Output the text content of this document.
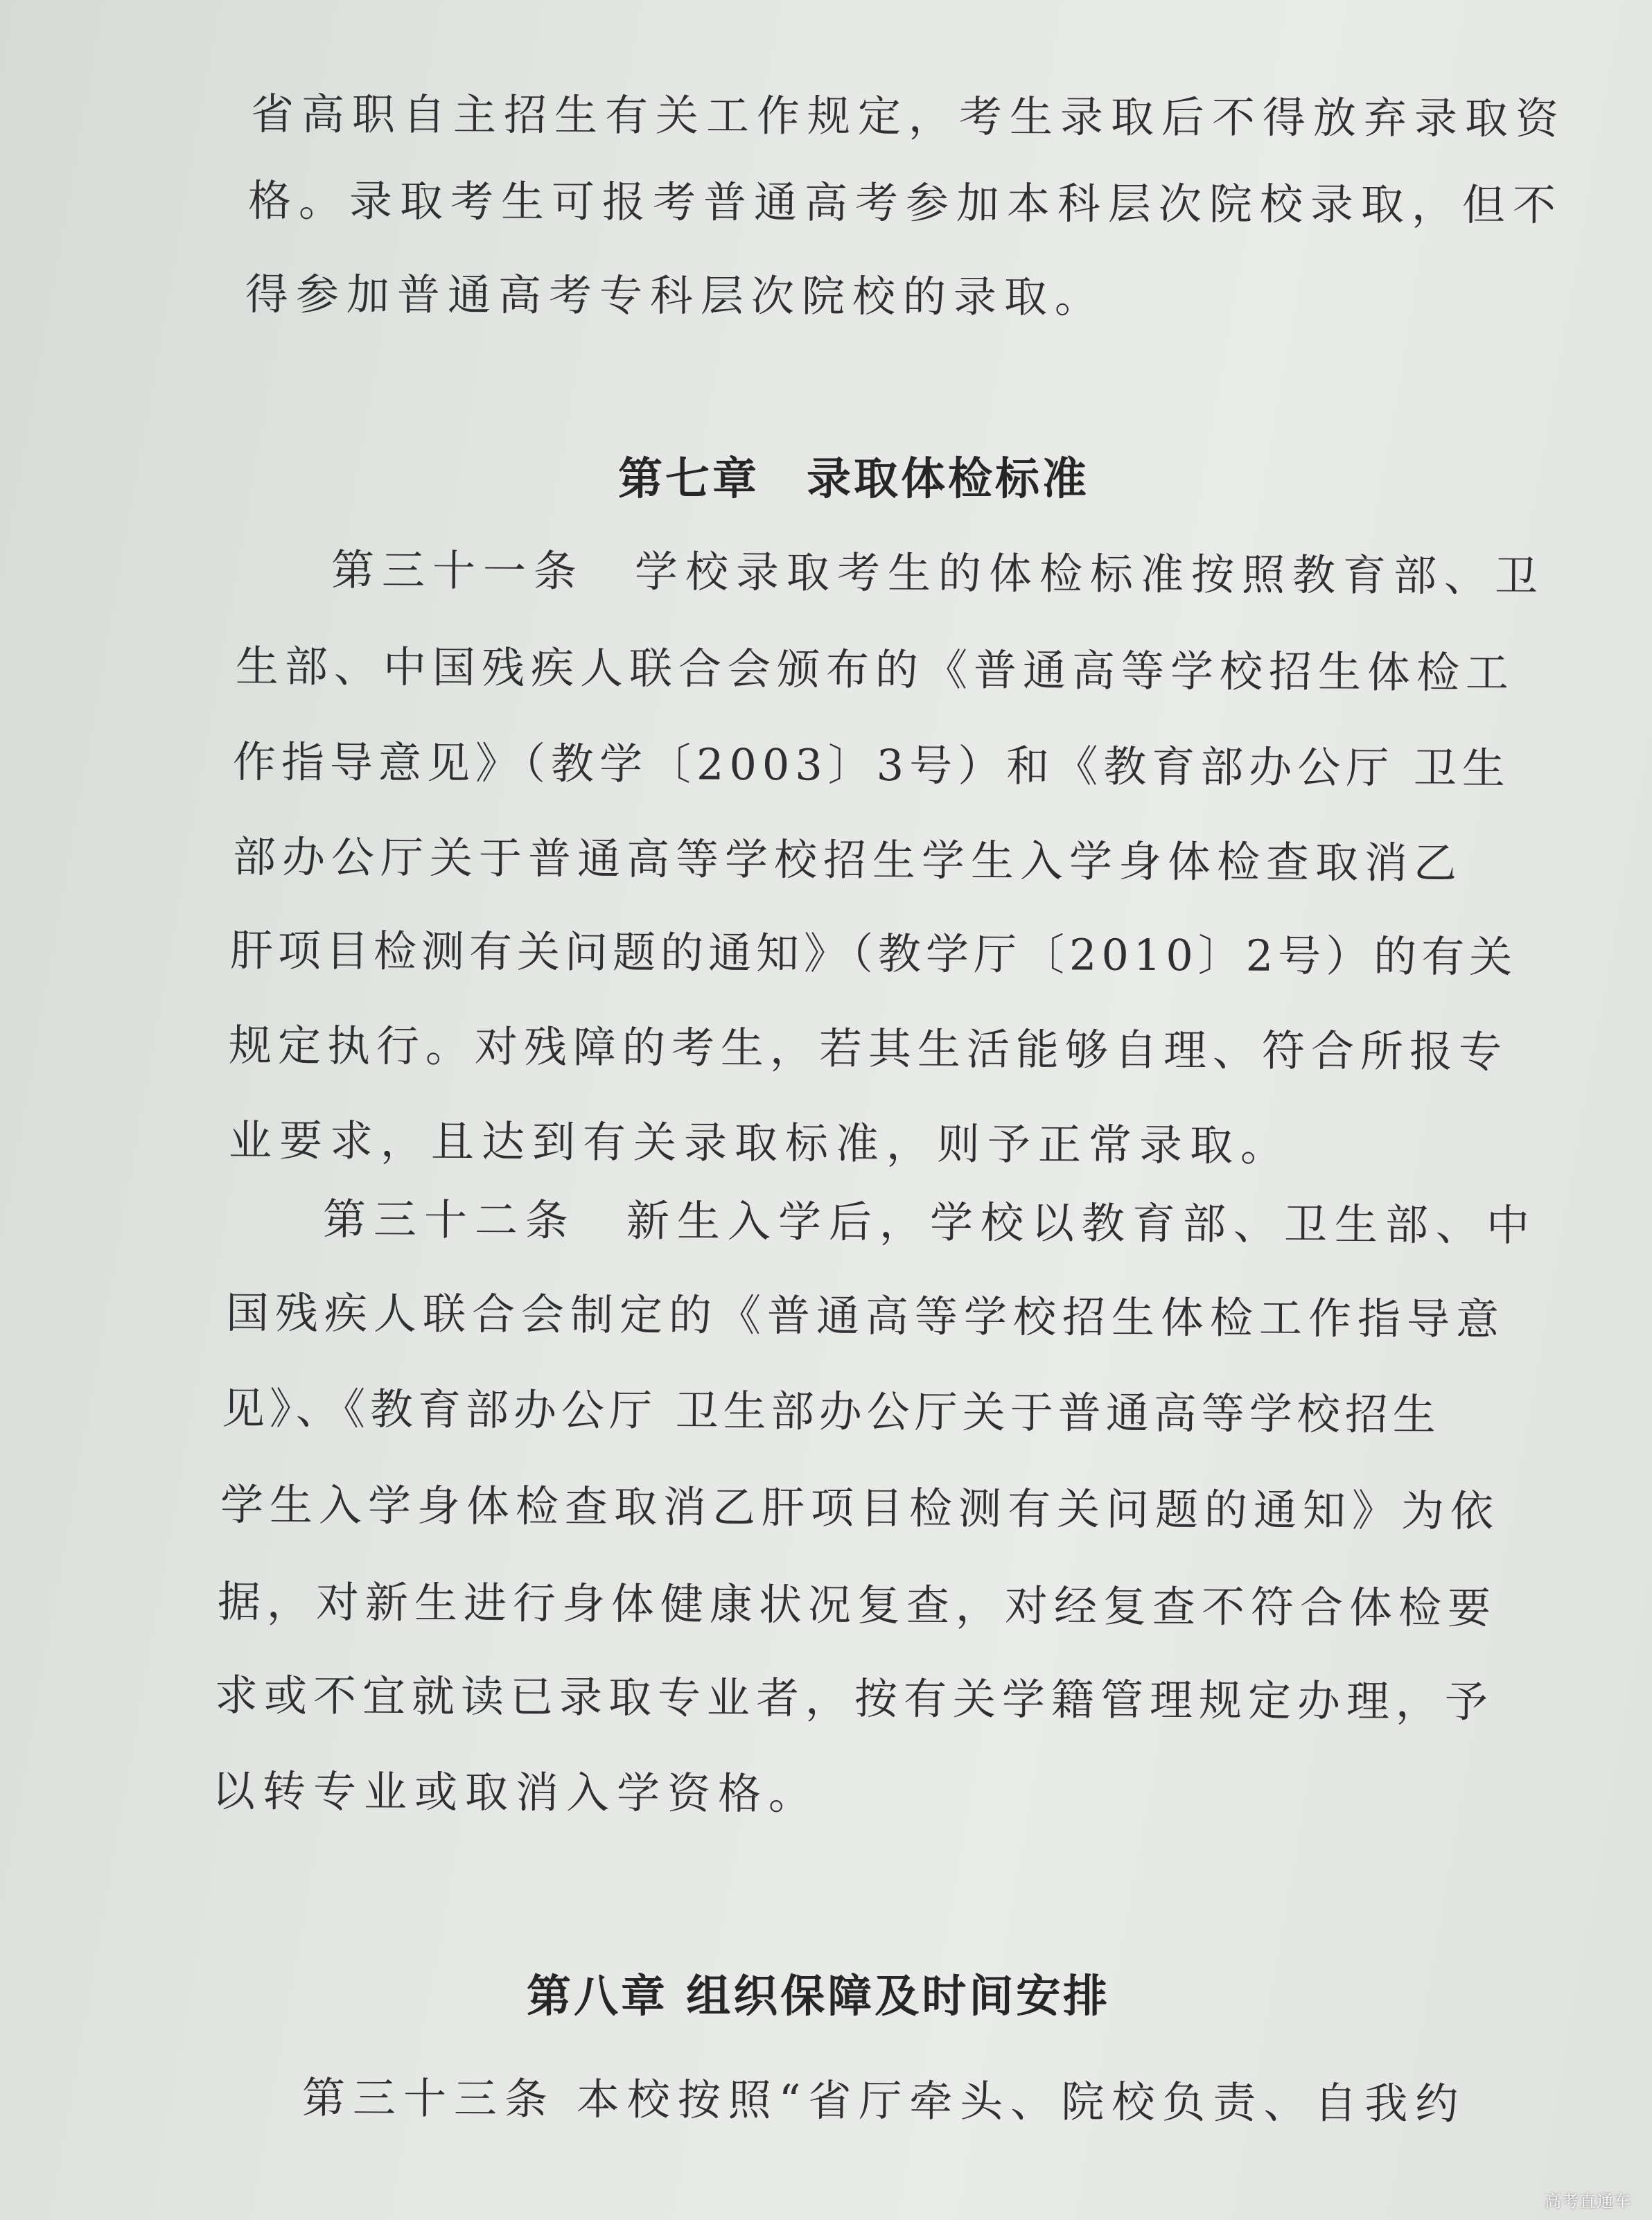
省高职自主招生有关工作规定，考生录取后不得放弃录取资
格。录取考生可报考普通高考参加本科层次院校录取，但不
得参加普通高考专科层次院校的录取。
第七章　录取体检标准
第三十一条　学校录取考生的体检标准按照教育部、卫
生部、中国残疾人联合会颁布的《普通高等学校招生体检工
作指导意见》（教学〔2003〕3号）和《教育部办公厅 卫生
部办公厅关于普通高等学校招生学生入学身体检查取消乙
肝项目检测有关问题的通知》（教学厅〔2010〕2号）的有关
规定执行。对残障的考生，若其生活能够自理、符合所报专
业要求，且达到有关录取标准，则予正常录取。
第三十二条　新生入学后，学校以教育部、卫生部、中
国残疾人联合会制定的《普通高等学校招生体检工作指导意
见》、《教育部办公厅 卫生部办公厅关于普通高等学校招生
学生入学身体检查取消乙肝项目检测有关问题的通知》为依
据，对新生进行身体健康状况复查，对经复查不符合体检要
求或不宜就读已录取专业者，按有关学籍管理规定办理，予
以转专业或取消入学资格。
第八章 组织保障及时间安排
第三十三条 本校按照“省厅牵头、院校负责、自我约
高考直通车
